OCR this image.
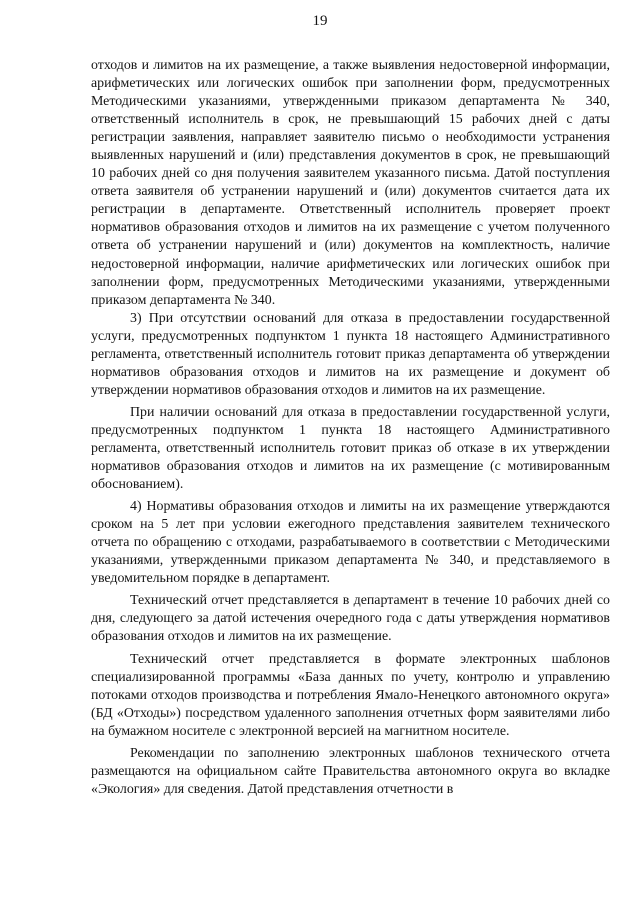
19

отходов и лимитов на их размещение, а также выявления недостоверной информации, арифметических или логических ошибок при заполнении форм, предусмотренных Методическими указаниями, утвержденными приказом департамента № 340, ответственный исполнитель в срок, не превышающий 15 рабочих дней с даты регистрации заявления, направляет заявителю письмо о необходимости устранения выявленных нарушений и (или) представления документов в срок, не превышающий 10 рабочих дней со дня получения заявителем указанного письма. Датой поступления ответа заявителя об устранении нарушений и (или) документов считается дата их регистрации в департаменте. Ответственный исполнитель проверяет проект нормативов образования отходов и лимитов на их размещение с учетом полученного ответа об устранении нарушений и (или) документов на комплектность, наличие недостоверной информации, наличие арифметических или логических ошибок при заполнении форм, предусмотренных Методическими указаниями, утвержденными приказом департамента № 340.

3) При отсутствии оснований для отказа в предоставлении государственной услуги, предусмотренных подпунктом 1 пункта 18 настоящего Административного регламента, ответственный исполнитель готовит приказ департамента об утверждении нормативов образования отходов и лимитов на их размещение и документ об утверждении нормативов образования отходов и лимитов на их размещение.

При наличии оснований для отказа в предоставлении государственной услуги, предусмотренных подпунктом 1 пункта 18 настоящего Административного регламента, ответственный исполнитель готовит приказ об отказе в их утверждении нормативов образования отходов и лимитов на их размещение (с мотивированным обоснованием).

4) Нормативы образования отходов и лимиты на их размещение утверждаются сроком на 5 лет при условии ежегодного представления заявителем технического отчета по обращению с отходами, разрабатываемого в соответствии с Методическими указаниями, утвержденными приказом департамента № 340, и представляемого в уведомительном порядке в департамент.

Технический отчет представляется в департамент в течение 10 рабочих дней со дня, следующего за датой истечения очередного года с даты утверждения нормативов образования отходов и лимитов на их размещение.

Технический отчет представляется в формате электронных шаблонов специализированной программы «База данных по учету, контролю и управлению потоками отходов производства и потребления Ямало-Ненецкого автономного округа» (БД «Отходы») посредством удаленного заполнения отчетных форм заявителями либо на бумажном носителе с электронной версией на магнитном носителе.

Рекомендации по заполнению электронных шаблонов технического отчета размещаются на официальном сайте Правительства автономного округа во вкладке «Экология» для сведения. Датой представления отчетности в
